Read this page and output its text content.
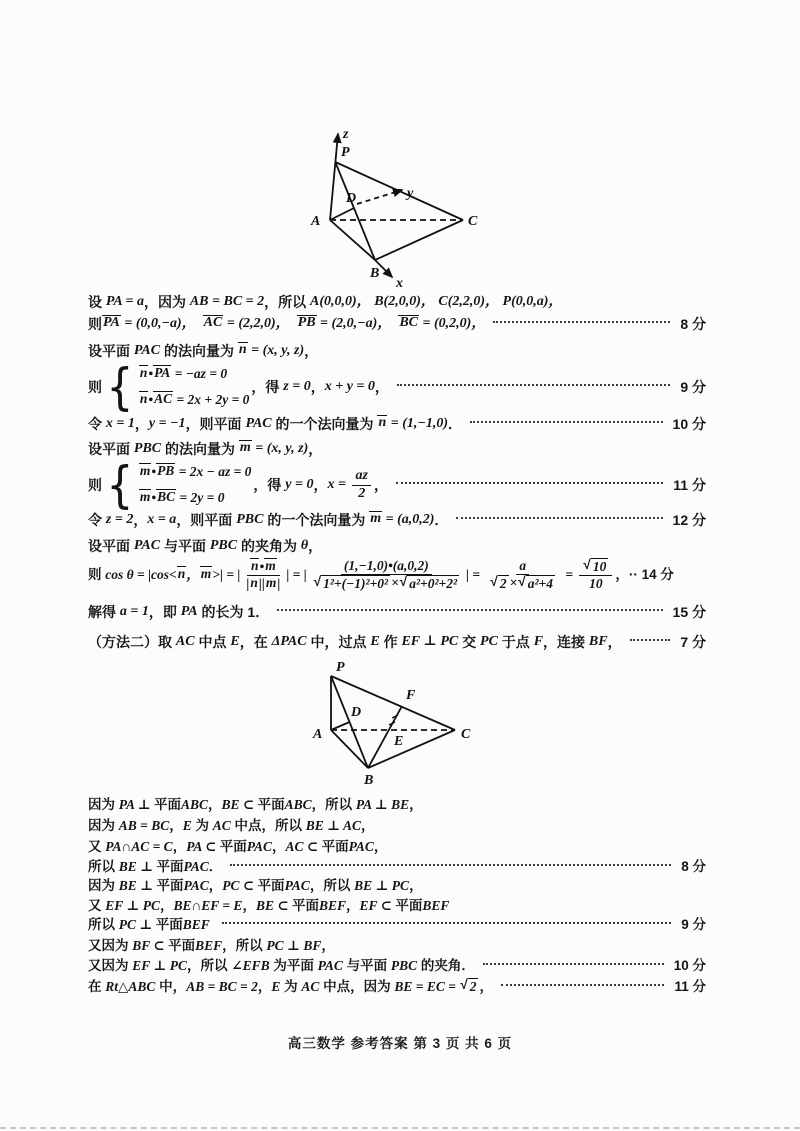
P
A
B
C
D
z
y
x
设 PA = a ，因为 AB = BC = 2 ，所以 A(0,0,0)， B(2,0,0)， C(2,2,0)， P(0,0,a)，
则 PA = (0,0,−a)， AC = (2,2,0)， PB = (2,0,−a)， BC = (0,2,0)，	8 分
设平面 PAC 的法向量为 n = (x, y, z) ，
则 { n • PA = −az = 0
n • AC = 2x + 2y = 0
，得 z = 0 ， x + y = 0 ，	9 分
令 x = 1 ， y = −1 ，则平面 PAC 的一个法向量为 n = (1,−1,0) ．	10 分
设平面 PBC 的法向量为 m = (x, y, z) ，
则 { m • PB = 2x − az = 0
m • BC = 2y = 0
，得 y = 0 ， $x = \frac{az}{2}$ ，	11 分
令 z = 2 ， x = a ，则平面 PBC 的一个法向量为 m = (a,0,2) ．	12 分
设平面 PAC 与平面 PBC 的夹角为 θ ，
则 cos θ = |cos< n ， m >| = | $\frac{n • m}{| n || m |}$ | = | $\frac{(1,-1,0)•(a,0,2)}{\text{√ 1²+(−1)²+0² × √ a²+0²+2²}}$ | = $\frac{a}{\text{√ 2 × √ a²+4}} = \frac{√ 10}{10}$ ， ·· 14 分
解得 a = 1 ，即 PA 的长为 1．	15 分
（方法二）取 AC 中点 E ，在 ΔPAC 中，过点 E 作 EF ⊥ PC 交 PC 于点 F ，连接 BF ，	7 分
P
A
B
C
D
E
F
因为 PA ⊥ 平面 ABC ， BE ⊂ 平面 ABC ，所以 PA ⊥ BE ，
因为 AB = BC ， E 为 AC 中点，所以 BE ⊥ AC ，
又 PA∩AC = C ， PA ⊂ 平面 PAC ， AC ⊂ 平面 PAC ，
所以 BE ⊥ 平面 PAC ．	8 分
因为 BE ⊥ 平面 PAC ， PC ⊂ 平面 PAC ，所以 BE ⊥ PC ，
又 EF ⊥ PC ， BE∩EF = E ， BE ⊂ 平面 BEF ， EF ⊂ 平面 BEF
所以 PC ⊥ 平面 BEF
	9 分
又因为 BF ⊂ 平面 BEF ，所以 PC ⊥ BF ，
又因为 EF ⊥ PC ，所以 ∠EFB 为平面 PAC 与平面 PBC 的夹角．	10 分
在 Rt△ABC 中， AB = BC = 2 ， E 为 AC 中点，因为 BE = EC = √ 2 ，	11 分
高三数学 参考答案 第 3 页 共 6 页
